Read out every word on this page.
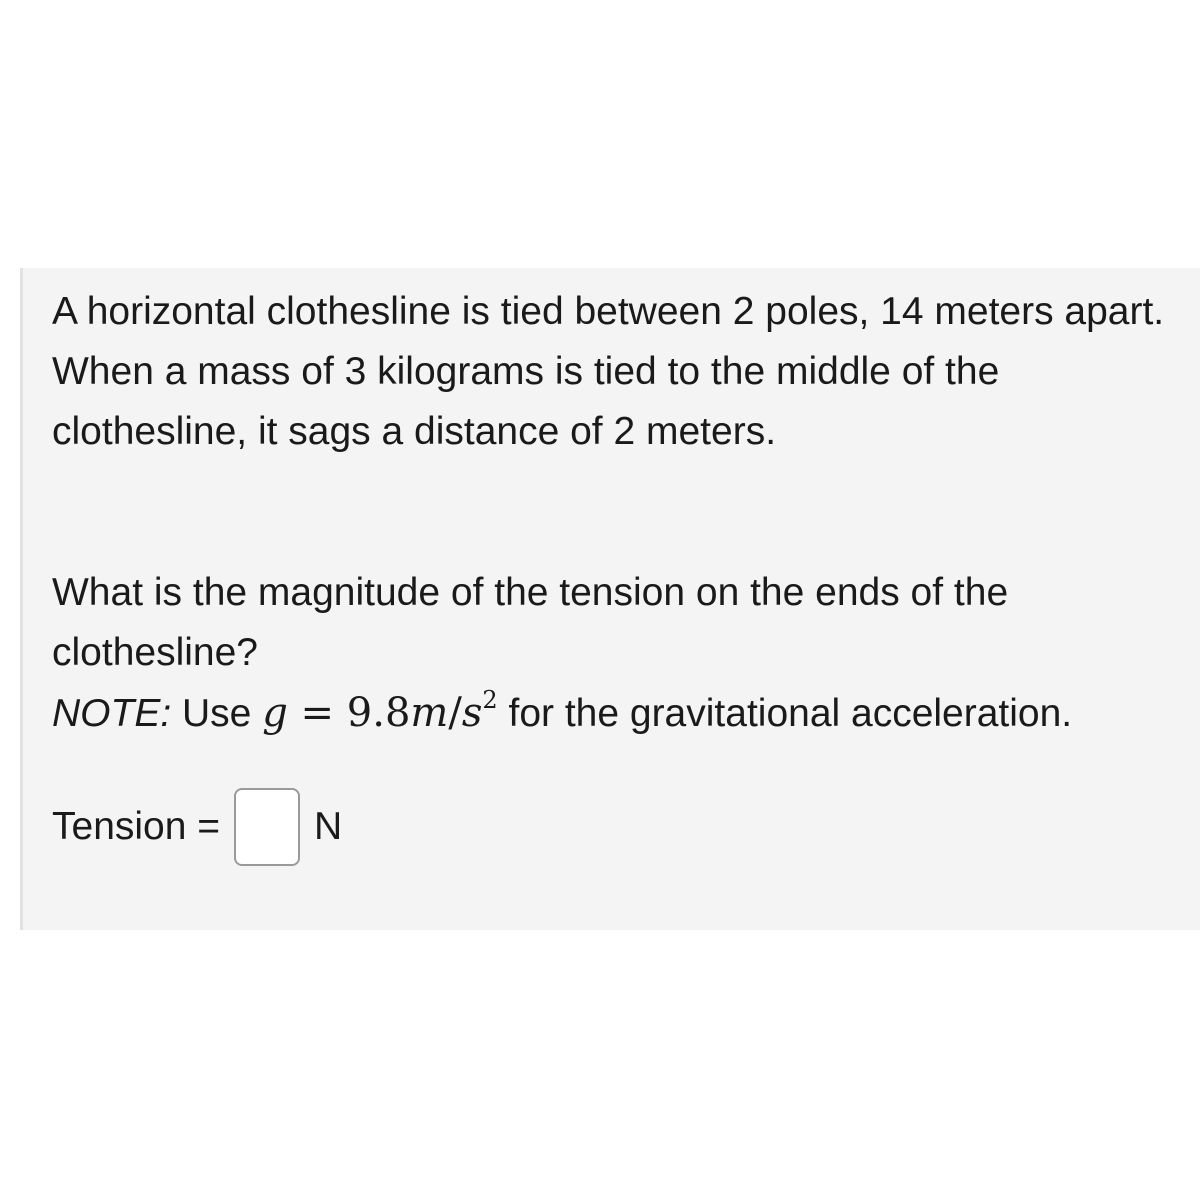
A horizontal clothesline is tied between 2 poles, 14 meters apart.
When a mass of 3 kilograms is tied to the middle of the clothesline, it sags a distance of 2 meters.

What is the magnitude of the tension on the ends of the clothesline?

NOTE: Use $g = 9.8m/s^2$ for the gravitational acceleration.
Tension = N
